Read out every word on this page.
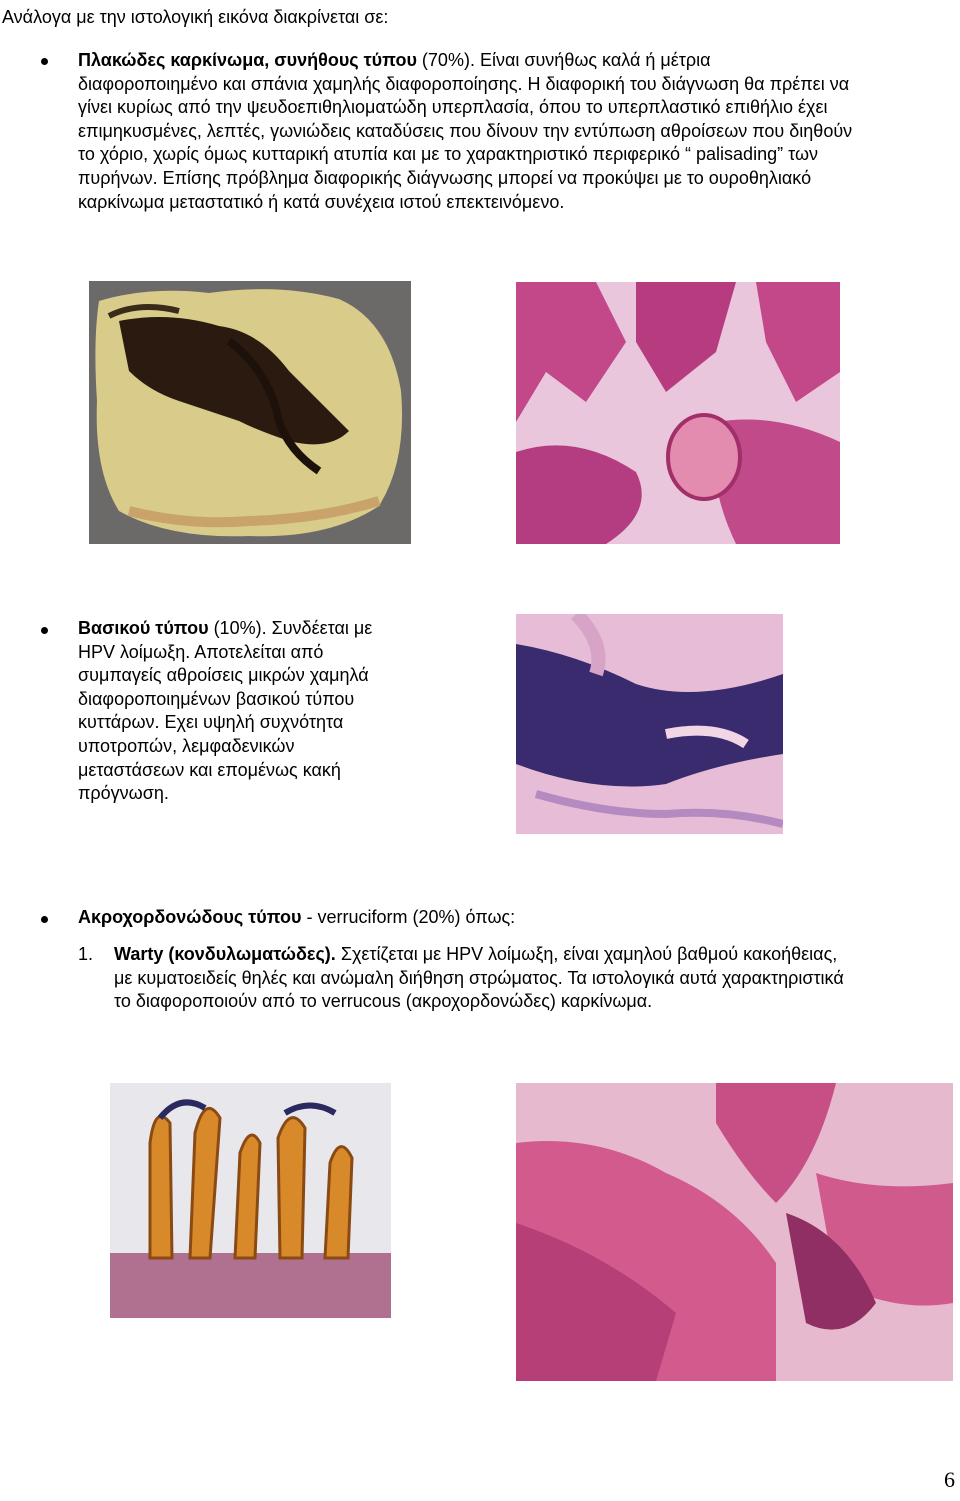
Ανάλογα με την ιστολογική εικόνα διακρίνεται σε:
Πλακώδες καρκίνωμα, συνήθους τύπου (70%). Είναι συνήθως καλά ή μέτρια
διαφοροποιημένο και σπάνια χαμηλής διαφοροποίησης. Η διαφορική του διάγνωση θα πρέπει να
γίνει κυρίως από την ψευδοεπιθηλιοματώδη υπερπλασία, όπου το υπερπλαστικό επιθήλιο έχει
επιμηκυσμένες, λεπτές, γωνιώδεις καταδύσεις που δίνουν την εντύπωση αθροίσεων που διηθούν
το χόριο, χωρίς όμως κυτταρική ατυπία και με το χαρακτηριστικό περιφερικό “ palisading” των
πυρήνων. Επίσης πρόβλημα διαφορικής διάγνωσης μπορεί να προκύψει με το ουροθηλιακό
καρκίνωμα μεταστατικό ή κατά συνέχεια ιστού επεκτεινόμενο.
Βασικού τύπου (10%). Συνδέεται με
HPV λοίμωξη. Αποτελείται από
συμπαγείς αθροίσεις μικρών χαμηλά
διαφοροποιημένων βασικού τύπου
κυττάρων. Εχει υψηλή συχνότητα
υποτροπών, λεμφαδενικών
μεταστάσεων και επομένως κακή
πρόγνωση.
Ακροχορδονώδους τύπου - verruciform (20%) όπως:
1. Warty (κονδυλωματώδες). Σχετίζεται με HPV λοίμωξη, είναι χαμηλού βαθμού κακοήθειας,
με κυματοειδείς θηλές και ανώμαλη διήθηση στρώματος. Τα ιστολογικά αυτά χαρακτηριστικά
το διαφοροποιούν από το verrucous (ακροχορδονώδες) καρκίνωμα.
6
